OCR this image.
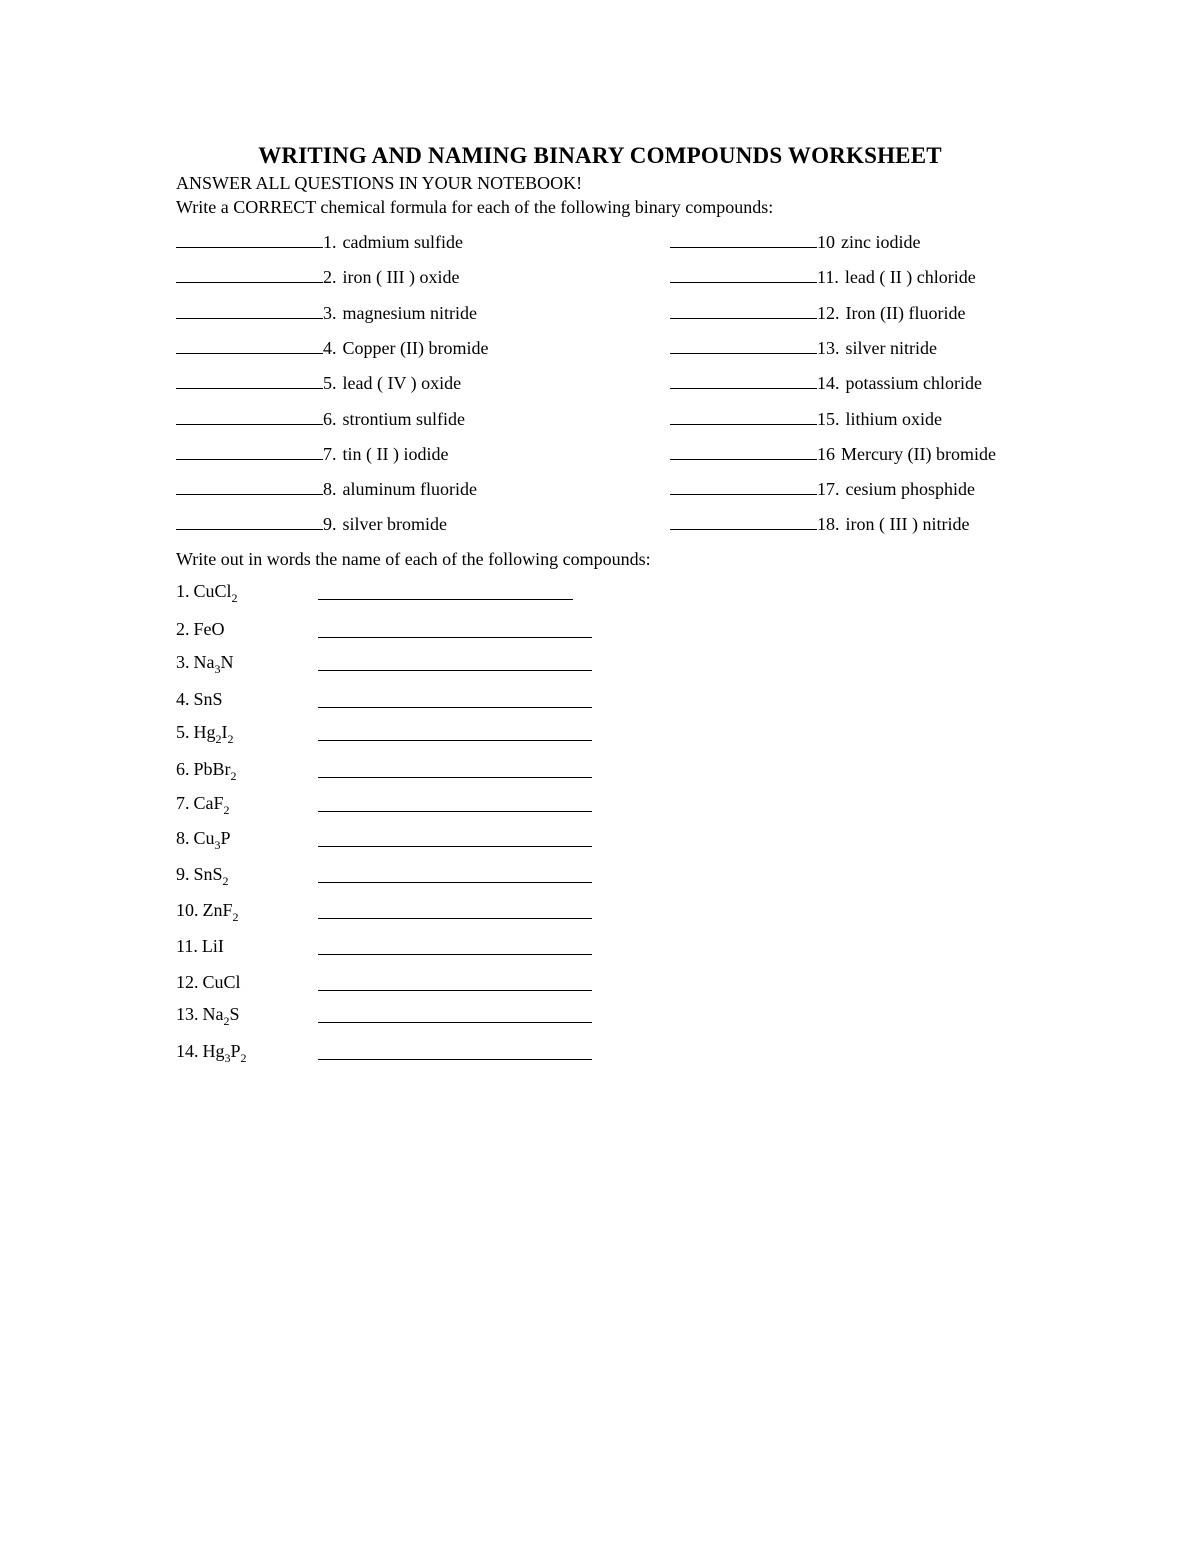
WRITING AND NAMING BINARY COMPOUNDS WORKSHEET
ANSWER ALL QUESTIONS IN YOUR NOTEBOOK!
Write a CORRECT chemical formula for each of the following binary compounds:
1. cadmium sulfide
2. iron ( III ) oxide
3. magnesium nitride
4. Copper (II) bromide
5. lead ( IV ) oxide
6. strontium sulfide
7. tin ( II ) iodide
8. aluminum fluoride
9. silver bromide
10 zinc iodide
11. lead ( II ) chloride
12. Iron (II) fluoride
13. silver nitride
14. potassium chloride
15. lithium oxide
16 Mercury (II) bromide
17. cesium phosphide
18. iron ( III ) nitride
Write out in words the name of each of the following compounds:
1. CuCl$_2$
2. FeO
3. $Na_3N$
4. SnS
5. $Hg_2I_2$
6. PbBr$_2$
7. CaF$_2$
8. $Cu_3P$
9. SnS$_2$
10. ZnF$_2$
11. LiI
12. CuCl
13. $Na_2S$
14. $Hg_3P_2$
